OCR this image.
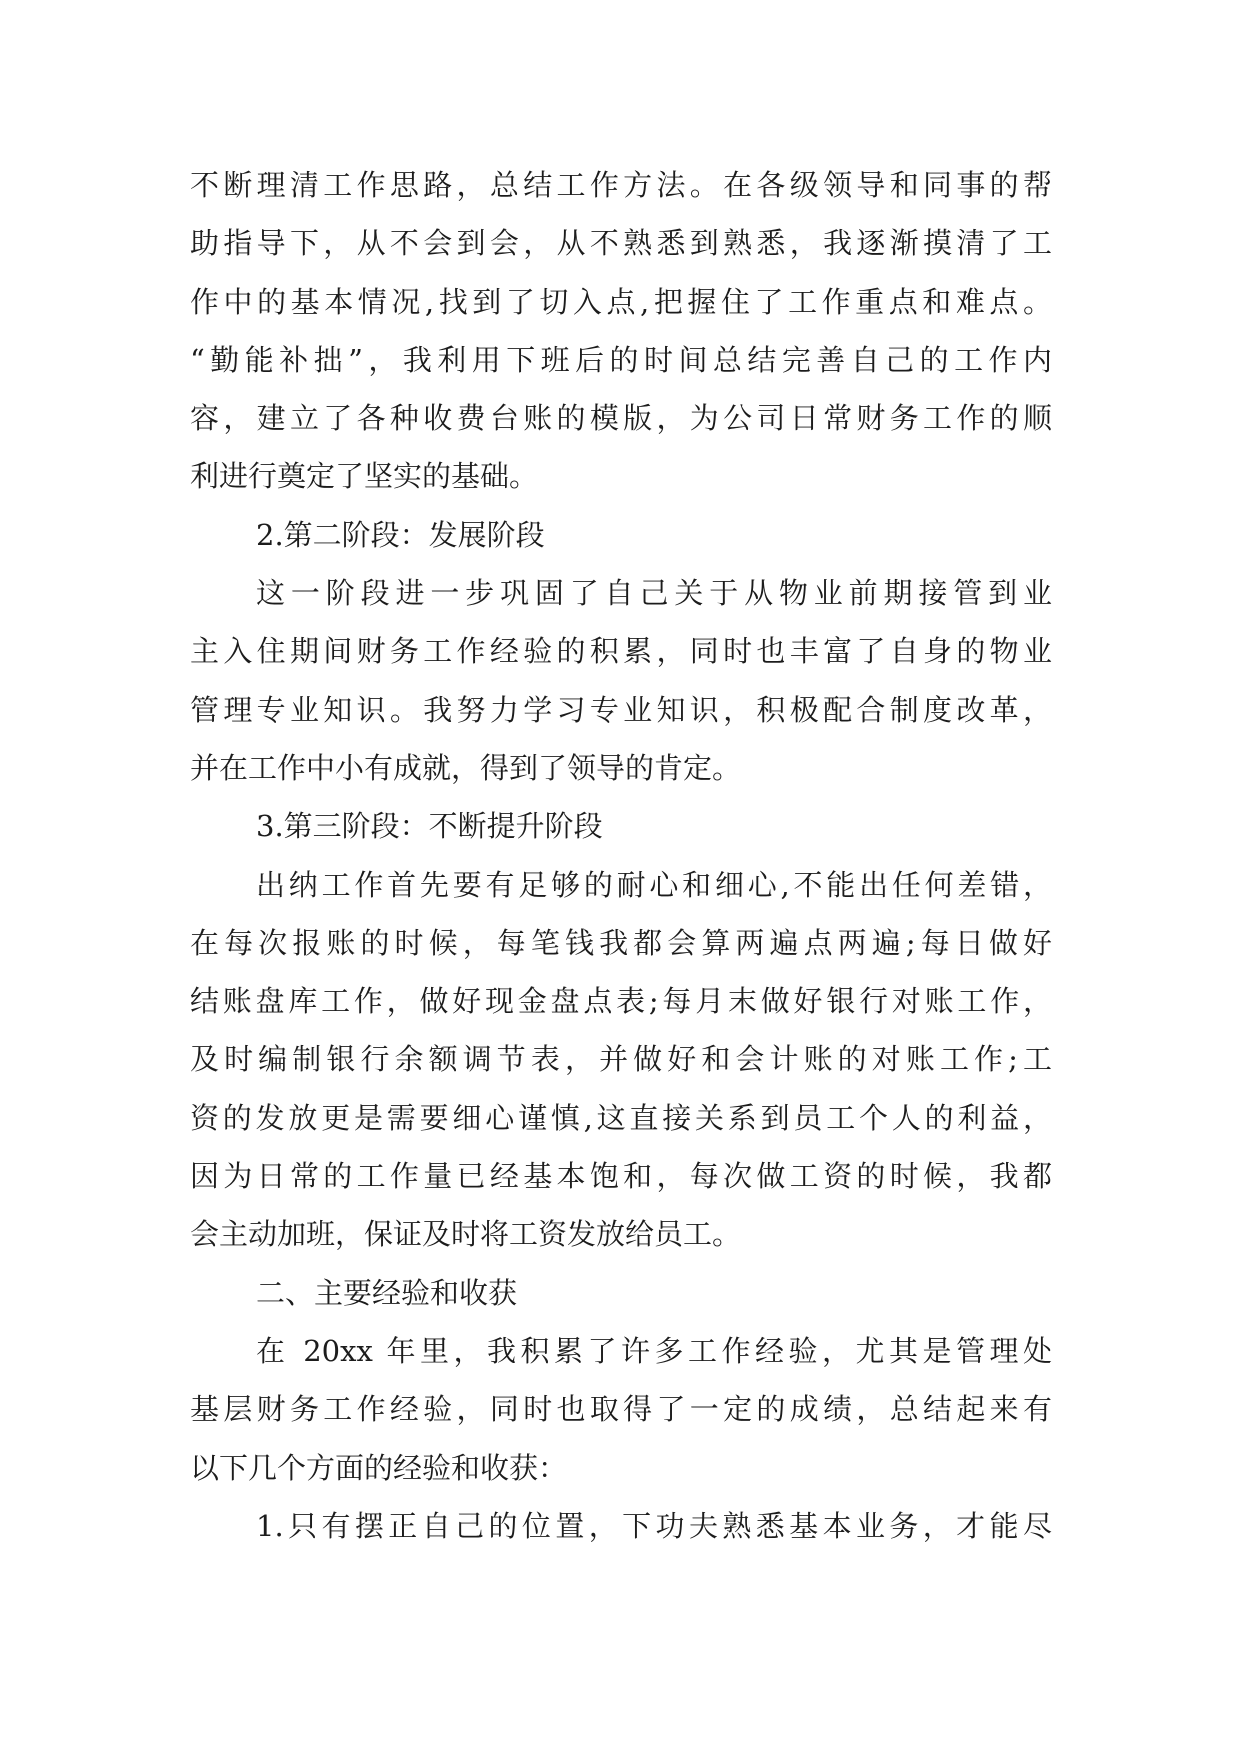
不断理清工作思路，总结工作方法。在各级领导和同事的帮
助指导下，从不会到会，从不熟悉到熟悉，我逐渐摸清了工
作中的基本情况,找到了切入点,把握住了工作重点和难点。
“勤能补拙”，我利用下班后的时间总结完善自己的工作内
容，建立了各种收费台账的模版，为公司日常财务工作的顺
利进行奠定了坚实的基础。
2.第二阶段：发展阶段
这一阶段进一步巩固了自己关于从物业前期接管到业
主入住期间财务工作经验的积累，同时也丰富了自身的物业
管理专业知识。我努力学习专业知识，积极配合制度改革，
并在工作中小有成就，得到了领导的肯定。
3.第三阶段：不断提升阶段
出纳工作首先要有足够的耐心和细心,不能出任何差错，
在每次报账的时候，每笔钱我都会算两遍点两遍;每日做好
结账盘库工作，做好现金盘点表;每月末做好银行对账工作，
及时编制银行余额调节表，并做好和会计账的对账工作;工
资的发放更是需要细心谨慎,这直接关系到员工个人的利益，
因为日常的工作量已经基本饱和，每次做工资的时候，我都
会主动加班，保证及时将工资发放给员工。
二、主要经验和收获
在 20xx 年里，我积累了许多工作经验，尤其是管理处
基层财务工作经验，同时也取得了一定的成绩，总结起来有
以下几个方面的经验和收获：
1.只有摆正自己的位置，下功夫熟悉基本业务，才能尽
